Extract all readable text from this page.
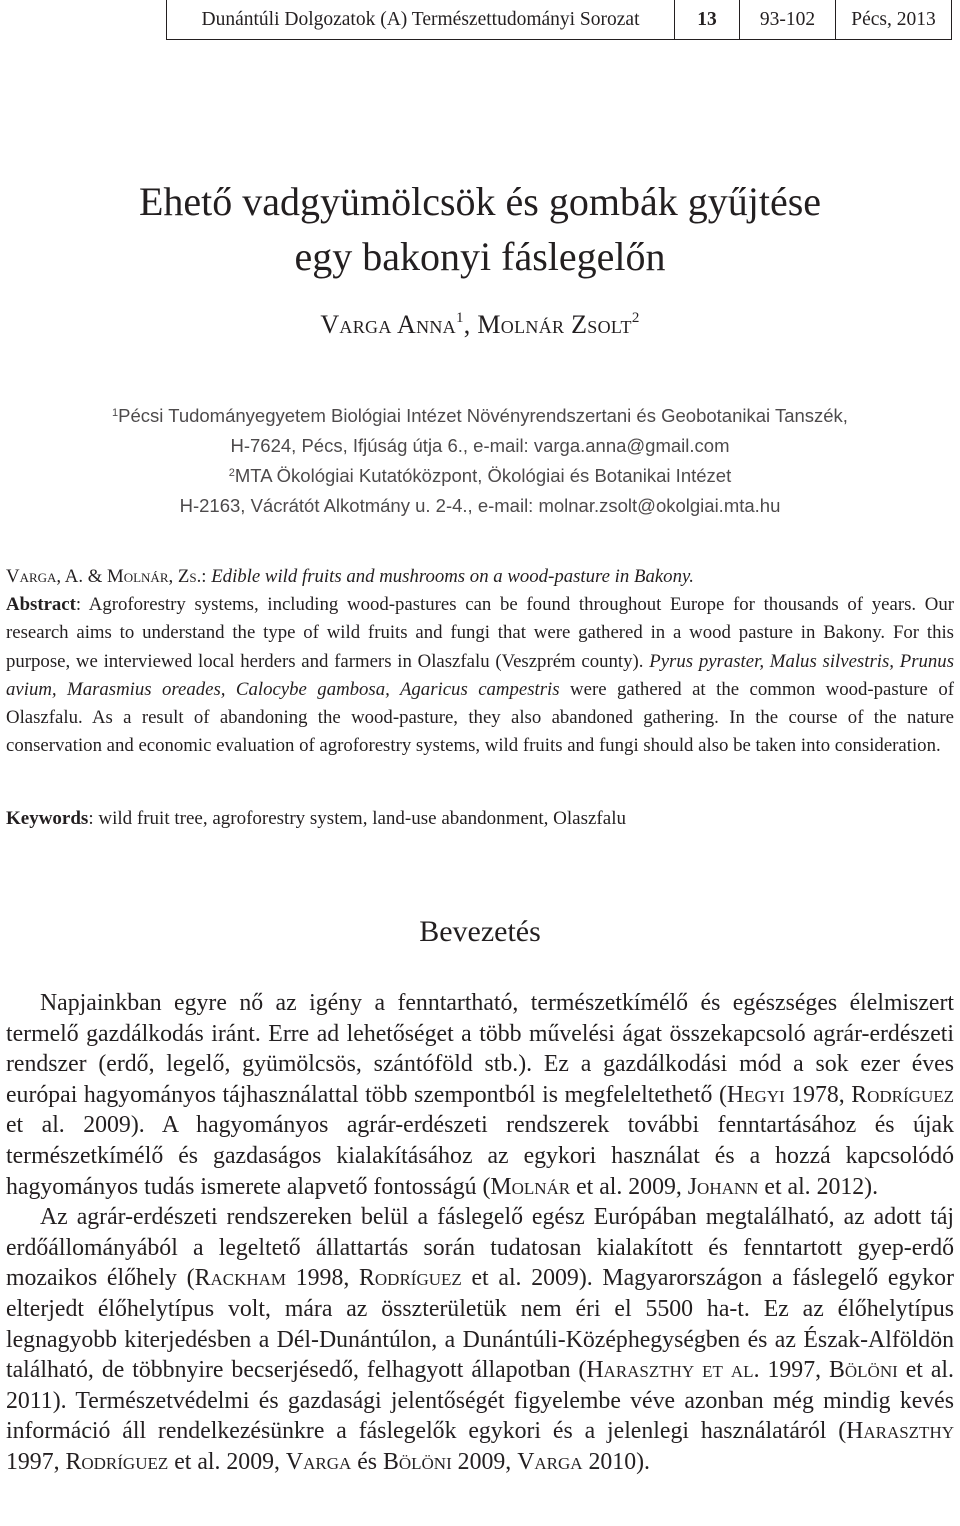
Dunántúli Dolgozatok (A) Természettudományi Sorozat	13	93-102	Pécs, 2013
Ehető vadgyümölcsök és gombák gyűjtése
egy bakonyi fáslegelőn
Varga Anna$^1$, Molnár Zsolt$^2$
$^1$Pécsi Tudományegyetem Biológiai Intézet Növényrendszertani és Geobotanikai Tanszék,
H-7624, Pécs, Ifjúság útja 6., e-mail: varga.anna@gmail.com
$^2$MTA Ökológiai Kutatóközpont, Ökológiai és Botanikai Intézet
H-2163, Vácrátót Alkotmány u. 2-4., e-mail: molnar.zsolt@okolgiai.mta.hu

Varga, A. & Molnár, Zs.: Edible wild fruits and mushrooms on a wood-pasture in Bakony.

Abstract: Agroforestry systems, including wood-pastures can be found throughout Europe for thousands of years. Our research aims to understand the type of wild fruits and fungi that were gathered in a wood pasture in Bakony. For this purpose, we interviewed local herders and farmers in Olaszfalu (Veszprém county). Pyrus pyraster, Malus silvestris, Prunus avium, Marasmius oreades, Calocybe gambosa, Agaricus campestris were gathered at the common wood-pasture of Olaszfalu. As a result of abandoning the wood-pasture, they also abandoned gathering. In the course of the nature conservation and economic evaluation of agroforestry systems, wild fruits and fungi should also be taken into consideration.

Keywords: wild fruit tree, agroforestry system, land-use abandonment, Olaszfalu
Bevezetés

Napjainkban egyre nő az igény a fenntartható, természetkímélő és egészséges élelmiszert termelő gazdálkodás iránt. Erre ad lehetőséget a több művelési ágat összekapcsoló agrár-erdészeti rendszer (erdő, legelő, gyümölcsös, szántóföld stb.). Ez a gazdálkodási mód a sok ezer éves európai hagyományos tájhasználattal több szempontból is megfeleltethető (Hegyi 1978, Rodríguez et al. 2009). A hagyományos agrár-erdészeti rendszerek további fenntartásához és újak természetkímélő és gazdaságos kialakításához az egykori használat és a hozzá kapcsolódó hagyományos tudás ismerete alapvető fontosságú (Molnár et al. 2009, Johann et al. 2012).

Az agrár-erdészeti rendszereken belül a fáslegelő egész Európában megtalálható, az adott táj erdőállományából a legeltető állattartás során tudatosan kialakított és fenntartott gyep-erdő mozaikos élőhely (Rackham 1998, Rodríguez et al. 2009). Magyarországon a fáslegelő egykor elterjedt élőhelytípus volt, mára az összterületük nem éri el 5500 ha-t. Ez az élőhelytípus legnagyobb kiterjedésben a Dél-Dunántúlon, a Dunántúli-Középhegységben és az Észak-Alföldön található, de többnyire becserjésedő, felhagyott állapotban (Haraszthy et al. 1997, Bölöni et al. 2011). Természetvédelmi és gazdasági jelentőségét figyelembe véve azonban még mindig kevés információ áll rendelkezésünkre a fáslegelők egykori és a jelenlegi használatáról (Haraszthy 1997, Rodríguez et al. 2009, Varga és Bölöni 2009, Varga 2010).
